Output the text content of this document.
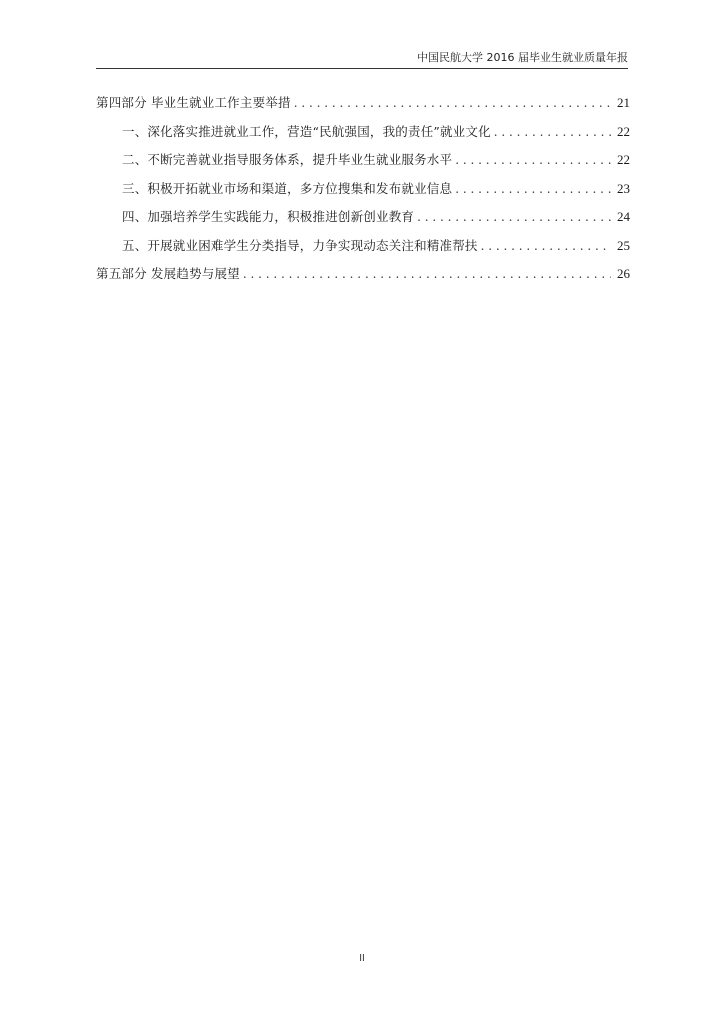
中国民航大学 2016 届毕业生就业质量年报
第四部分 毕业生就业工作主要举措 . . .	21
一、深化落实推进就业工作，营造“民航强国，我的责任”就业文化 . . .	22
二、不断完善就业指导服务体系，提升毕业生就业服务水平 . . .	22
三、积极开拓就业市场和渠道，多方位搜集和发布就业信息 . . .	23
四、加强培养学生实践能力，积极推进创新创业教育 . . .	24
五、开展就业困难学生分类指导，力争实现动态关注和精准帮扶 . . .	25
第五部分 发展趋势与展望 . . .	26
II
